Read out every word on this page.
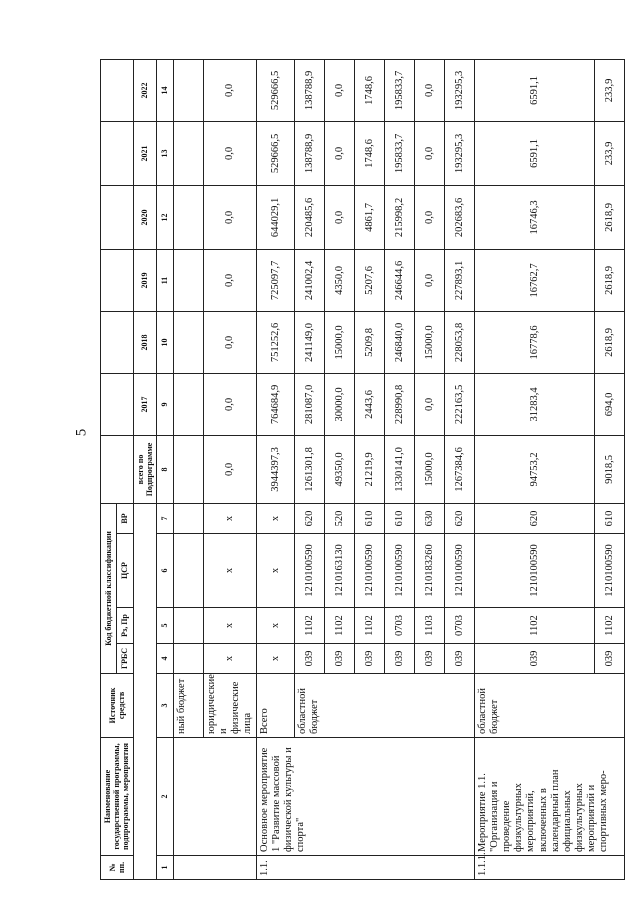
5
№ пп.	Наименование государственной программы, подпрограммы, мероприятия	Источник средств	Код бюджетной классификации										
			ГРБС	Рз, Пр	ЦСР	ВР							
							всего по Подпрограмме	2017	2018	2019	2020	2021	2022
1	2	3	4	5	6	7	8	9	10	11	12	13	14
		ный бюджет											
		юридические и физические лица	х	х	х	х	0,0	0,0	0,0	0,0	0,0	0,0	0,0
1.1.	Основное мероприятие 1 "Развитие массовой физической культуры и спорта"	Всего	х	х	х	х	3944397,3	764684,9	751252,6	725097,7	644029,1	529666,5	529666,5
		областной бюджет	039	1102	1210100590	620	1261301,8	281087,0	241149,0	241002,4	220485,6	138788,9	138788,9
			039	1102	1210163130	520	49350,0	30000,0	15000,0	4350,0	0,0	0,0	0,0
			039	1102	1210100590	610	21219,9	2443,6	5209,8	5207,6	4861,7	1748,6	1748,6
			039	0703	1210100590	610	1330141,0	228990,8	246840,0	246644,6	215998,2	195833,7	195833,7
			039	1103	1210183260	630	15000,0	0,0	15000,0	0,0	0,0	0,0	0,0
			039	0703	1210100590	620	1267384,6	222163,5	228053,8	227893,1	202683,6	193295,3	193295,3
1.1.1.	Мероприятие 1.1. "Организация и проведение физкультурных мероприятий, включенных в календарный план официальных физкультурных мероприятий и спортивных меро-	областной бюджет	039	1102	1210100590	620	94753,2	31283,4	16778,6	16762,7	16746,3	6591,1	6591,1
			039	1102	1210100590	610	9018,5	694,0	2618,9	2618,9	2618,9	233,9	233,9
